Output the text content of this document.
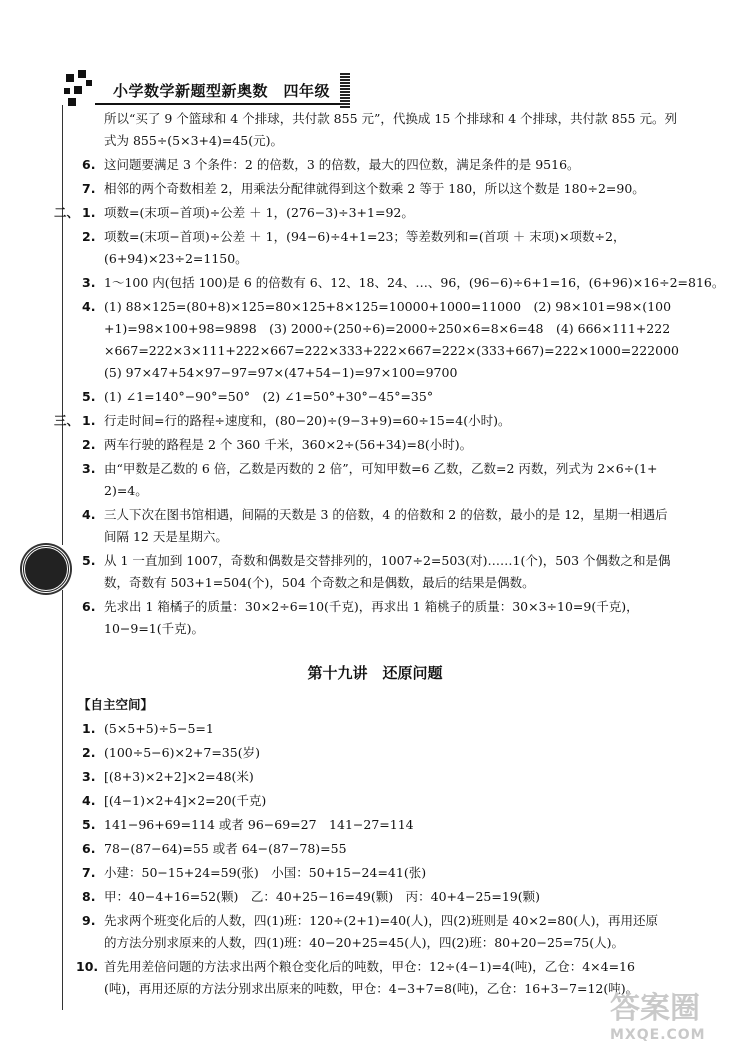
小学数学新题型新奥数　四年级
所以“买了 9 个篮球和 4 个排球，共付款 855 元”，代换成 15 个排球和 4 个排球，共付款 855 元。列
式为 855÷(5×3+4)=45(元)。
6. 这问题要满足 3 个条件：2 的倍数，3 的倍数，最大的四位数，满足条件的是 9516。
7. 相邻的两个奇数相差 2，用乘法分配律就得到这个数乘 2 等于 180，所以这个数是 180÷2=90。
二、 1. 项数=(末项−首项)÷公差 ＋ 1，(276−3)÷3+1=92。
2. 项数=(末项−首项)÷公差 ＋ 1，(94−6)÷4+1=23；等差数列和=(首项 ＋ 末项)×项数÷2，
(6+94)×23÷2=1150。
3. 1～100 内(包括 100)是 6 的倍数有 6、12、18、24、…、96，(96−6)÷6+1=16，(6+96)×16÷2=816。
4. (1) 88×125=(80+8)×125=80×125+8×125=10000+1000=11000　(2) 98×101=98×(100
+1)=98×100+98=9898　(3) 2000÷(250÷6)=2000÷250×6=8×6=48　(4) 666×111+222
×667=222×3×111+222×667=222×333+222×667=222×(333+667)=222×1000=222000
(5) 97×47+54×97−97=97×(47+54−1)=97×100=9700
5. (1) ∠1=140°−90°=50°　(2) ∠1=50°+30°−45°=35°
三、 1. 行走时间=行的路程÷速度和，(80−20)÷(9−3+9)=60÷15=4(小时)。
2. 两车行驶的路程是 2 个 360 千米，360×2÷(56+34)=8(小时)。
3. 由“甲数是乙数的 6 倍，乙数是丙数的 2 倍”，可知甲数=6 乙数，乙数=2 丙数，列式为 2×6÷(1+
2)=4。
4. 三人下次在图书馆相遇，间隔的天数是 3 的倍数，4 的倍数和 2 的倍数，最小的是 12，星期一相遇后
间隔 12 天是星期六。
5. 从 1 一直加到 1007，奇数和偶数是交替排列的，1007÷2=503(对)……1(个)，503 个偶数之和是偶
数，奇数有 503+1=504(个)，504 个奇数之和是偶数，最后的结果是偶数。
6. 先求出 1 箱橘子的质量：30×2÷6=10(千克)，再求出 1 箱桃子的质量：30×3÷10=9(千克)，
10−9=1(千克)。
第十九讲　还原问题
【自主空间】
1. (5×5+5)÷5−5=1
2. (100÷5−6)×2+7=35(岁)
3. [(8+3)×2+2]×2=48(米)
4. [(4−1)×2+4]×2=20(千克)
5. 141−96+69=114 或者 96−69=27　141−27=114
6. 78−(87−64)=55 或者 64−(87−78)=55
7. 小建：50−15+24=59(张)　小国：50+15−24=41(张)
8. 甲：40−4+16=52(颗)　乙：40+25−16=49(颗)　丙：40+4−25=19(颗)
9. 先求两个班变化后的人数，四(1)班：120÷(2+1)=40(人)，四(2)班则是 40×2=80(人)，再用还原
的方法分别求原来的人数，四(1)班：40−20+25=45(人)，四(2)班：80+20−25=75(人)。
10. 首先用差倍问题的方法求出两个粮仓变化后的吨数，甲仓：12÷(4−1)=4(吨)，乙仓：4×4=16
(吨)，再用还原的方法分别求出原来的吨数，甲仓：4−3+7=8(吨)，乙仓：16+3−7=12(吨)。
答案圈
MXQE.COM
